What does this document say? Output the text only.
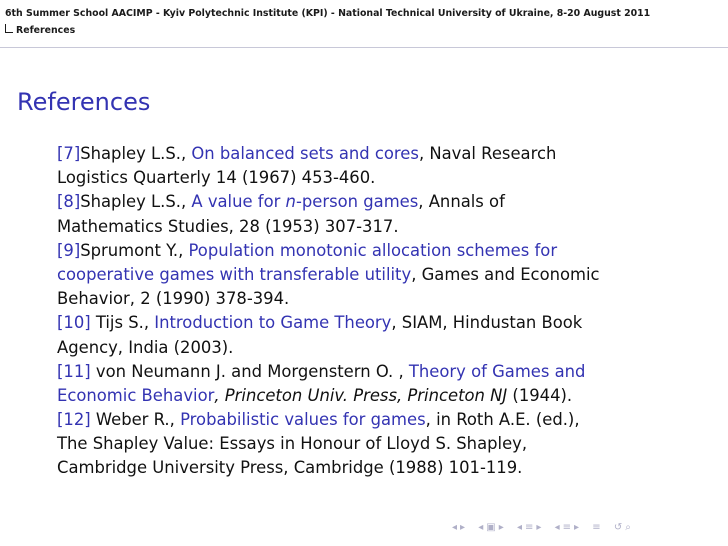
6th Summer School AACIMP - Kyiv Polytechnic Institute (KPI) - National Technical University of Ukraine, 8-20 August 2011
References
References
[7]Shapley L.S., On balanced sets and cores, Naval Research
Logistics Quarterly 14 (1967) 453-460.
[8]Shapley L.S., A value for n-person games, Annals of
Mathematics Studies, 28 (1953) 307-317.
[9]Sprumont Y., Population monotonic allocation schemes for
cooperative games with transferable utility, Games and Economic
Behavior, 2 (1990) 378-394.
[10] Tijs S., Introduction to Game Theory, SIAM, Hindustan Book
Agency, India (2003).
[11] von Neumann J. and Morgenstern O. , Theory of Games and
Economic Behavior, Princeton Univ. Press, Princeton NJ (1944).
[12] Weber R., Probabilistic values for games, in Roth A.E. (ed.),
The Shapley Value: Essays in Honour of Lloyd S. Shapley,
Cambridge University Press, Cambridge (1988) 101-119.
◂ ▸ ◂ ▣ ▸ ◂ ≡ ▸ ◂ ≡ ▸ ≡ ↺ ⌕
